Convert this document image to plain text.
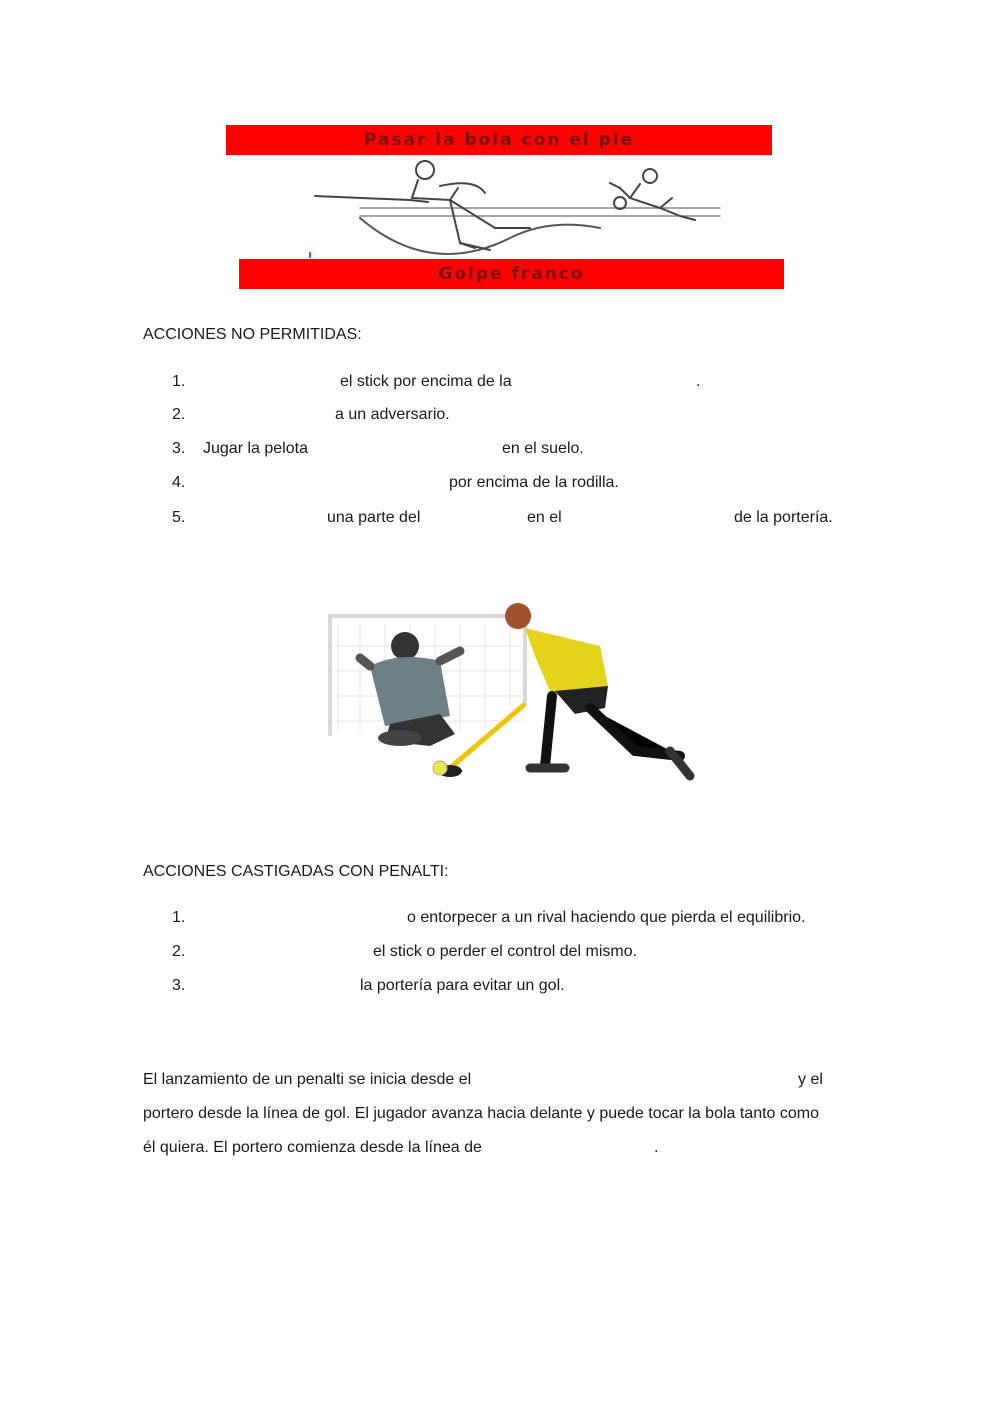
Pasar la bola con el pie
Golpe franco
ACCIONES NO PERMITIDAS:
1.	el stick por encima de la	.
2.	a un adversario.
3. Jugar la pelota	en el suelo.
4.	por encima de la rodilla.
5.	una parte del	en el	de la portería.
ACCIONES CASTIGADAS CON PENALTI:
1.	o entorpecer a un rival haciendo que pierda el equilibrio.
2.	el stick o perder el control del mismo.
3.	la portería para evitar un gol.
El lanzamiento de un penalti se inicia desde el	y el
portero desde la línea de gol. El jugador avanza hacia delante y puede tocar la bola tanto como
él quiera. El portero comienza desde la línea de	.
